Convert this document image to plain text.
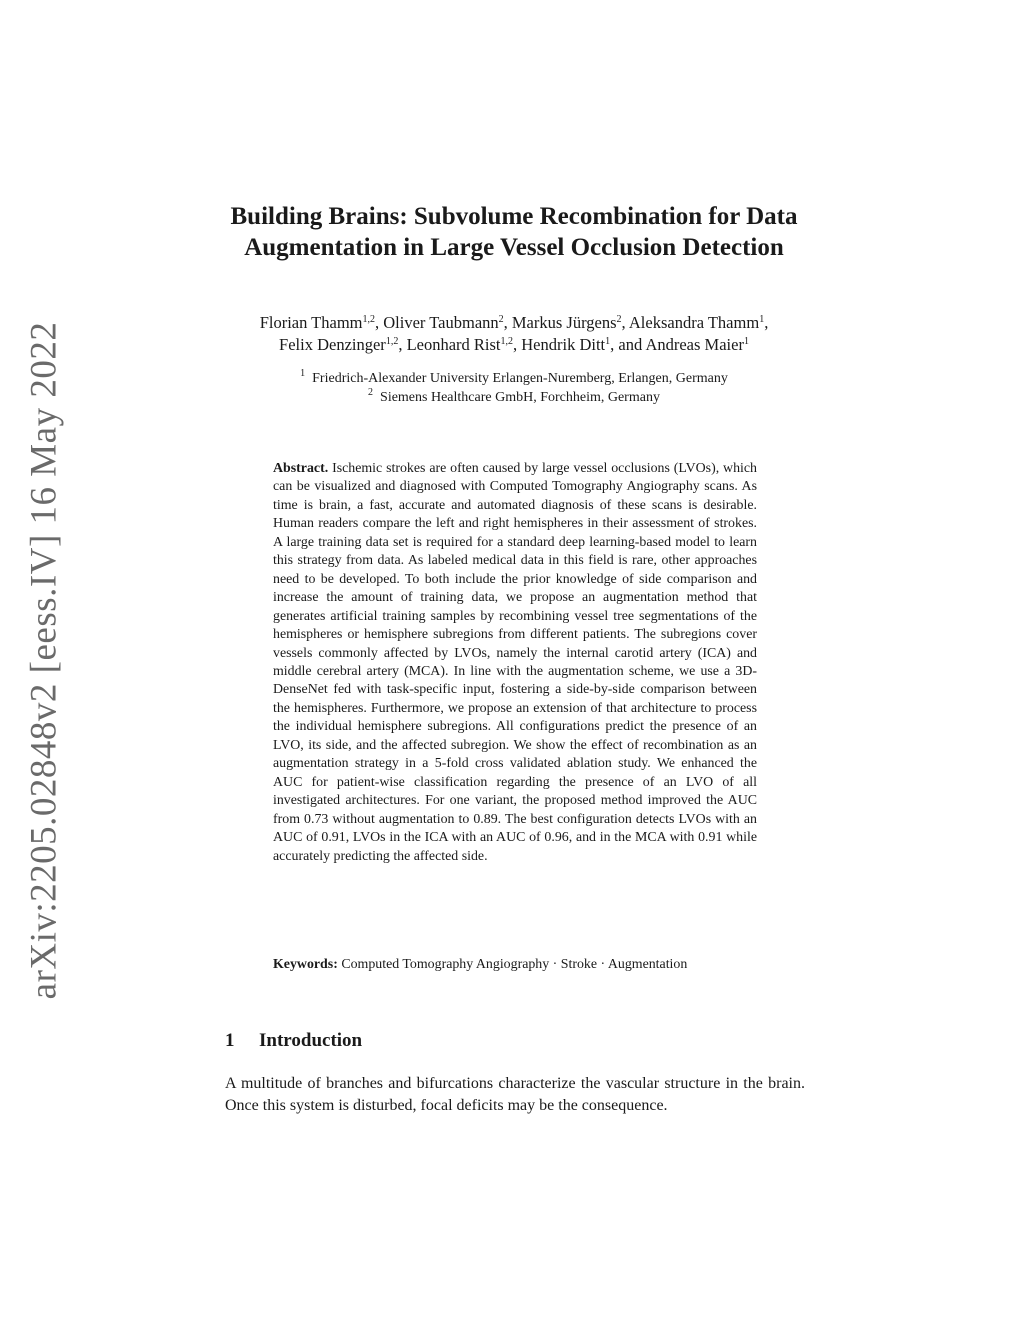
arXiv:2205.02848v2 [eess.IV] 16 May 2022
Building Brains: Subvolume Recombination for Data Augmentation in Large Vessel Occlusion Detection
Florian Thamm$^{1,2}$, Oliver Taubmann$^2$, Markus Jürgens$^2$, Aleksandra Thamm$^1$,
Felix Denzinger$^{1,2}$, Leonhard Rist$^{1,2}$, Hendrik Ditt$^1$, and Andreas Maier$^1$
$^1$ Friedrich-Alexander University Erlangen-Nuremberg, Erlangen, Germany
$^2$ Siemens Healthcare GmbH, Forchheim, Germany

Abstract. Ischemic strokes are often caused by large vessel occlusions (LVOs), which can be visualized and diagnosed with Computed Tomography Angiography scans. As time is brain, a fast, accurate and automated diagnosis of these scans is desirable. Human readers compare the left and right hemispheres in their assessment of strokes. A large training data set is required for a standard deep learning-based model to learn this strategy from data. As labeled medical data in this field is rare, other approaches need to be developed. To both include the prior knowledge of side comparison and increase the amount of training data, we propose an augmentation method that generates artificial training samples by recombining vessel tree segmentations of the hemispheres or hemisphere subregions from different patients. The subregions cover vessels commonly affected by LVOs, namely the internal carotid artery (ICA) and middle cerebral artery (MCA). In line with the augmentation scheme, we use a 3D-DenseNet fed with task-specific input, fostering a side-by-side comparison between the hemispheres. Furthermore, we propose an extension of that architecture to process the individual hemisphere subregions. All configurations predict the presence of an LVO, its side, and the affected subregion. We show the effect of recombination as an augmentation strategy in a 5-fold cross validated ablation study. We enhanced the AUC for patient-wise classification regarding the presence of an LVO of all investigated architectures. For one variant, the proposed method improved the AUC from 0.73 without augmentation to 0.89. The best configuration detects LVOs with an AUC of 0.91, LVOs in the ICA with an AUC of 0.96, and in the MCA with 0.91 while accurately predicting the affected side.

Keywords: Computed Tomography Angiography · Stroke · Augmentation

1 Introduction

A multitude of branches and bifurcations characterize the vascular structure in the brain. Once this system is disturbed, focal deficits may be the consequence.
